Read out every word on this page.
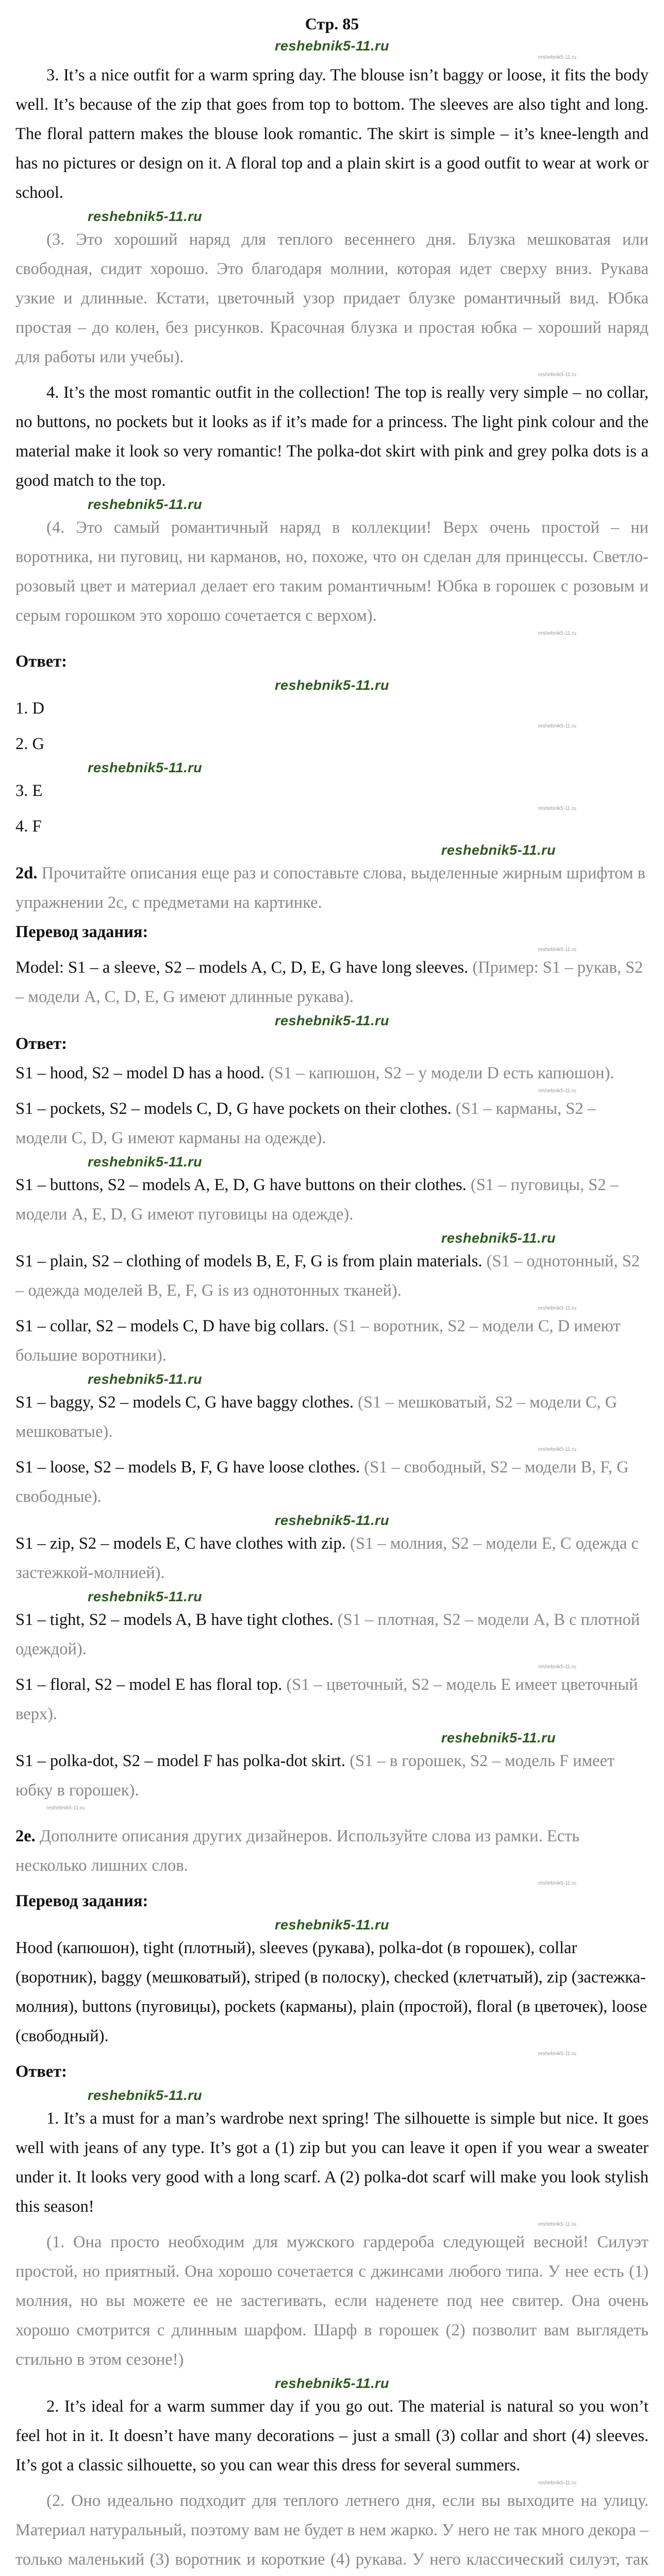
Стр. 85

reshebnik5-11.ru

reshebnik5-11.ru

3. It’s a nice outfit for a warm spring day. The blouse isn’t baggy or loose, it fits the body well. It’s because of the zip that goes from top to bottom. The sleeves are also tight and long. The floral pattern makes the blouse look romantic. The skirt is simple – it’s knee-length and has no pictures or design on it. A floral top and a plain skirt is a good outfit to wear at work or school.

reshebnik5-11.ru

(3. Это хороший наряд для теплого весеннего дня. Блузка мешковатая или свободная, сидит хорошо. Это благодаря молнии, которая идет сверху вниз. Рукава узкие и длинные. Кстати, цветочный узор придает блузке романтичный вид. Юбка простая – до колен, без рисунков. Красочная блузка и простая юбка – хороший наряд для работы или учебы).

reshebnik5-11.ru

4. It’s the most romantic outfit in the collection! The top is really very simple – no collar, no buttons, no pockets but it looks as if it’s made for a princess. The light pink colour and the material make it look so very romantic! The polka-dot skirt with pink and grey polka dots is a good match to the top.

reshebnik5-11.ru

(4. Это самый романтичный наряд в коллекции! Верх очень простой – ни воротника, ни пуговиц, ни карманов, но, похоже, что он сделан для принцессы. Светло-розовый цвет и материал делает его таким романтичным! Юбка в горошек с розовым и серым горошком это хорошо сочетается с верхом).

reshebnik5-11.ru

Ответ:

reshebnik5-11.ru

1. D

reshebnik5-11.ru

2. G

reshebnik5-11.ru

3. E

reshebnik5-11.ru

4. F

reshebnik5-11.ru

2d. Прочитайте описания еще раз и сопоставьте слова, выделенные жирным шрифтом в упражнении 2c, с предметами на картинке.

Перевод задания:

reshebnik5-11.ru

Model: S1 – a sleeve, S2 – models A, C, D, E, G have long sleeves. (Пример: S1 – рукав, S2 – модели A, C, D, E, G имеют длинные рукава).

reshebnik5-11.ru

Ответ:

S1 – hood, S2 – model D has a hood. (S1 – капюшон, S2 – у модели D есть капюшон).

reshebnik5-11.ru

S1 – pockets, S2 – models C, D, G have pockets on their clothes. (S1 – карманы, S2 – модели C, D, G имеют карманы на одежде).

reshebnik5-11.ru

S1 – buttons, S2 – models A, E, D, G have buttons on their clothes. (S1 – пуговицы, S2 – модели A, E, D, G имеют пуговицы на одежде).

reshebnik5-11.ru

S1 – plain, S2 – clothing of models B, E, F, G is from plain materials. (S1 – однотонный, S2 – одежда моделей B, E, F, G is из однотонных тканей).

reshebnik5-11.ru

S1 – collar, S2 – models C, D have big collars. (S1 – воротник, S2 – модели C, D имеют большие воротники).

reshebnik5-11.ru

S1 – baggy, S2 – models C, G have baggy clothes. (S1 – мешковатый, S2 – модели C, G мешковатые).

reshebnik5-11.ru

S1 – loose, S2 – models B, F, G have loose clothes. (S1 – свободный, S2 – модели B, F, G свободные).

reshebnik5-11.ru

S1 – zip, S2 – models E, C have clothes with zip. (S1 – молния, S2 – модели E, C одежда с застежкой-молнией).

reshebnik5-11.ru

S1 – tight, S2 – models A, B have tight clothes. (S1 – плотная, S2 – модели A, B с плотной одеждой).

reshebnik5-11.ru

S1 – floral, S2 – model E has floral top. (S1 – цветочный, S2 – модель E имеет цветочный верх).

reshebnik5-11.ru

S1 – polka-dot, S2 – model F has polka-dot skirt. (S1 – в горошек, S2 – модель F имеет юбку в горошек).

reshebnik5-11.ru

2e. Дополните описания других дизайнеров. Используйте слова из рамки. Есть несколько лишних слов.

reshebnik5-11.ru

Перевод задания:

reshebnik5-11.ru

Hood (капюшон), tight (плотный), sleeves (рукава), polka-dot (в горошек), collar (воротник), baggy (мешковатый), striped (в полоску), checked (клетчатый), zip (застежка-молния), buttons (пуговицы), pockets (карманы), plain (простой), floral (в цветочек), loose (свободный).

reshebnik5-11.ru

Ответ:

reshebnik5-11.ru

1. It’s a must for a man’s wardrobe next spring! The silhouette is simple but nice. It goes well with jeans of any type. It’s got a (1) zip but you can leave it open if you wear a sweater under it. It looks very good with a long scarf. A (2) polka-dot scarf will make you look stylish this season!

reshebnik5-11.ru

(1. Она просто необходим для мужского гардероба следующей весной! Силуэт простой, но приятный. Она хорошо сочетается с джинсами любого типа. У нее есть (1) молния, но вы можете ее не застегивать, если наденете под нее свитер. Она очень хорошо смотрится с длинным шарфом. Шарф в горошек (2) позволит вам выглядеть стильно в этом сезоне!)

reshebnik5-11.ru

2. It’s ideal for a warm summer day if you go out. The material is natural so you won’t feel hot in it. It doesn’t have many decorations – just a small (3) collar and short (4) sleeves. It’s got a classic silhouette, so you can wear this dress for several summers.

reshebnik5-11.ru

(2. Оно идеально подходит для теплого летнего дня, если вы выходите на улицу. Материал натуральный, поэтому вам не будет в нем жарко. У него не так много декора – только маленький (3) воротник и короткие (4) рукава. У него классический силуэт, так
